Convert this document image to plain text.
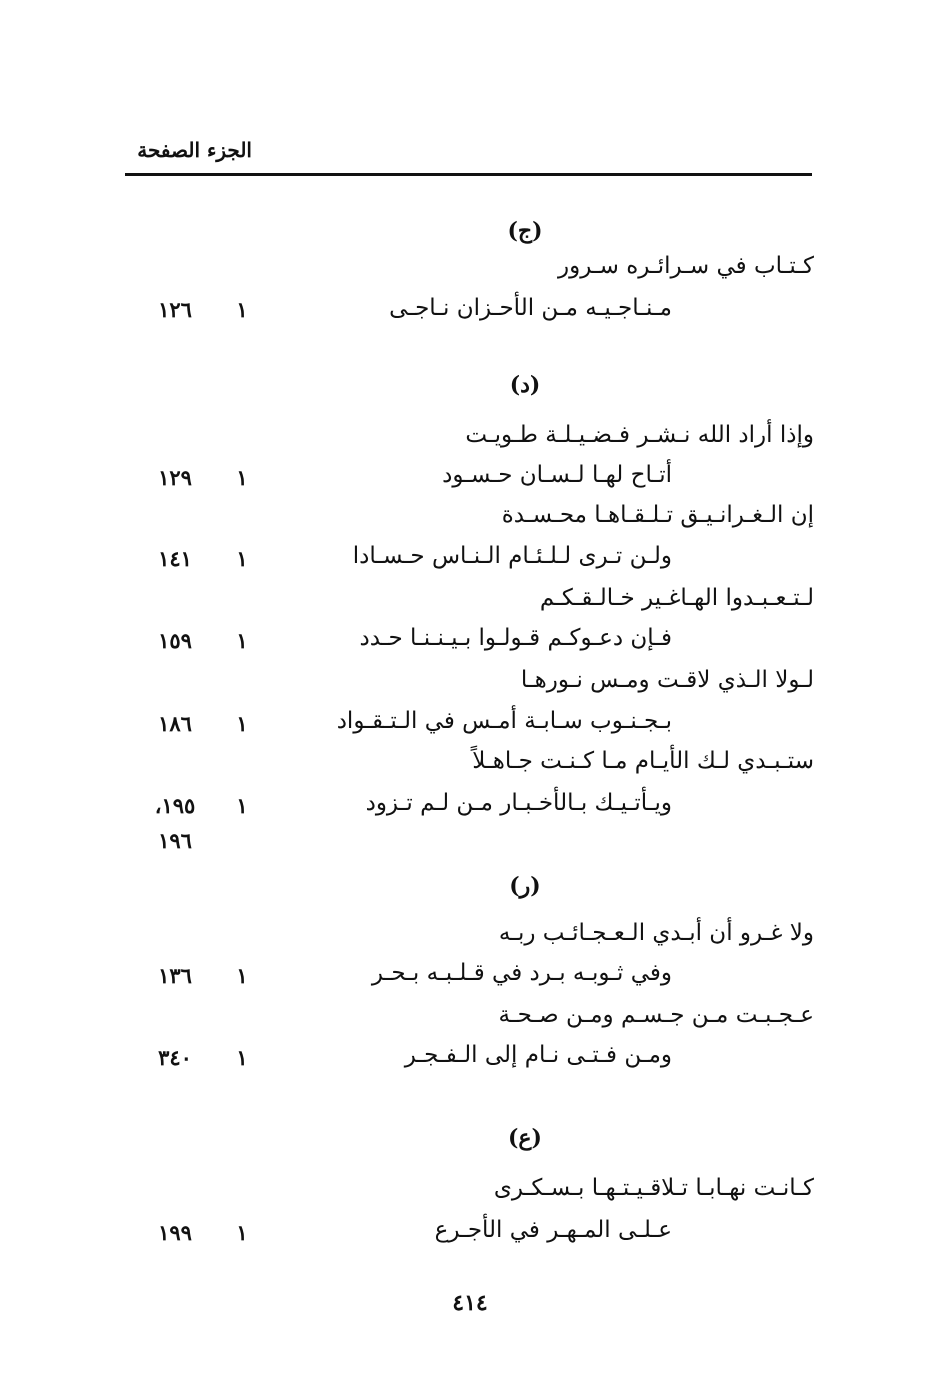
الجزء الصفحة
(ج)
كـتـاب في سـرائـره سـرور
مـنـاجـيـه مـن الأحـزان نـاجـى
١
١٢٦
(د)
وإذا أراد الله نـشـر فـضـيـلـة طـويـت
أتـاح لهـا لـسـان حـسـود
١
١٢٩
إن الـغـرانـيـق تـلـقـاهـا محـسـدة
ولـن تـرى لـلـئـام الـنـاس حـسـادا
١
١٤١
لـتـعـبـدوا الهـاغـير خـالـقـكـم
فـإن دعـوكـم قـولـوا بـيـنـنـا حـدد
١
١٥٩
لـولا الـذي لاقـت ومـس نـورهـا
بـجـنـوب سـابـة أمـس في الـتـقـواد
١
١٨٦
ستـبـدي لـك الأيـام مـا كـنـت جـاهـلاً
ويـأتـيـك بـالأخـبـار مـن لـم تـزود
١
١٩٥،
١٩٦
(ر)
ولا غـرو أن أبـدي الـعـجـائـب ربـه
وفي ثـوبـه بـرد في قـلـبـه بـحـر
١
١٣٦
عـجـبـت مـن جـسـم ومـن صـحـة
ومـن فـتـى نـام إلى الـفـجـر
١
٣٤٠
(ع)
كـانـت نهـابـا تـلاقـيـتـهـا بـسـكـرى
عـلـى المـهـر في الأجـرع
١
١٩٩
٤١٤
